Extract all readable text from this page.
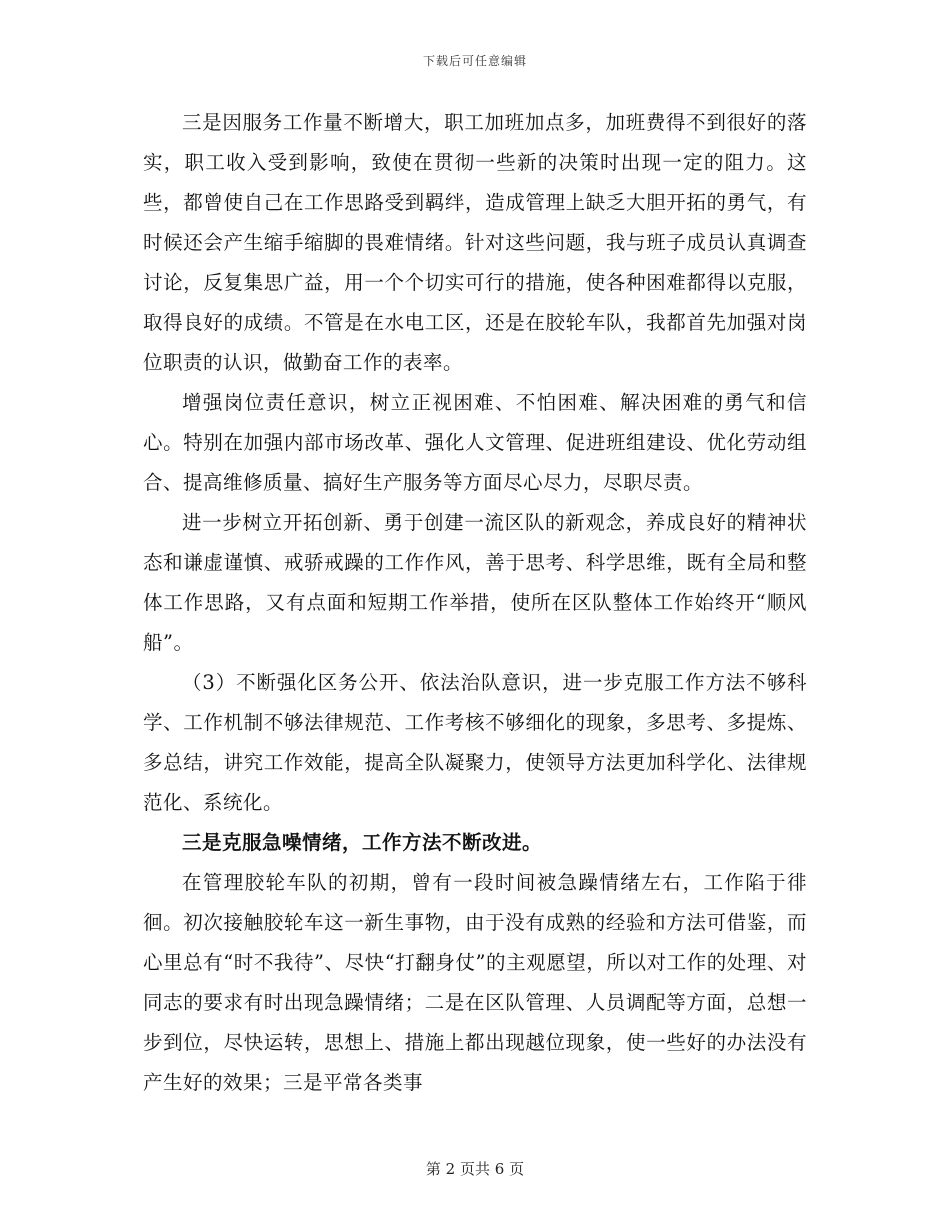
下载后可任意编辑

三是因服务工作量不断增大，职工加班加点多，加班费得不到很好的落实，职工收入受到影响，致使在贯彻一些新的决策时出现一定的阻力。这些，都曾使自己在工作思路受到羁绊，造成管理上缺乏大胆开拓的勇气，有时候还会产生缩手缩脚的畏难情绪。针对这些问题，我与班子成员认真调查讨论，反复集思广益，用一个个切实可行的措施，使各种困难都得以克服，取得良好的成绩。不管是在水电工区，还是在胶轮车队，我都首先加强对岗位职责的认识，做勤奋工作的表率。

增强岗位责任意识，树立正视困难、不怕困难、解决困难的勇气和信心。特别在加强内部市场改革、强化人文管理、促进班组建设、优化劳动组合、提高维修质量、搞好生产服务等方面尽心尽力，尽职尽责。

进一步树立开拓创新、勇于创建一流区队的新观念，养成良好的精神状态和谦虚谨慎、戒骄戒躁的工作作风，善于思考、科学思维，既有全局和整体工作思路，又有点面和短期工作举措，使所在区队整体工作始终开“顺风船”。

（3）不断强化区务公开、依法治队意识，进一步克服工作方法不够科学、工作机制不够法律规范、工作考核不够细化的现象，多思考、多提炼、多总结，讲究工作效能，提高全队凝聚力，使领导方法更加科学化、法律规范化、系统化。

三是克服急噪情绪，工作方法不断改进。

在管理胶轮车队的初期，曾有一段时间被急躁情绪左右，工作陷于徘徊。初次接触胶轮车这一新生事物，由于没有成熟的经验和方法可借鉴，而心里总有“时不我待”、尽快“打翻身仗”的主观愿望，所以对工作的处理、对同志的要求有时出现急躁情绪；二是在区队管理、人员调配等方面，总想一步到位，尽快运转，思想上、措施上都出现越位现象，使一些好的办法没有产生好的效果；三是平常各类事

第 2 页共 6 页
